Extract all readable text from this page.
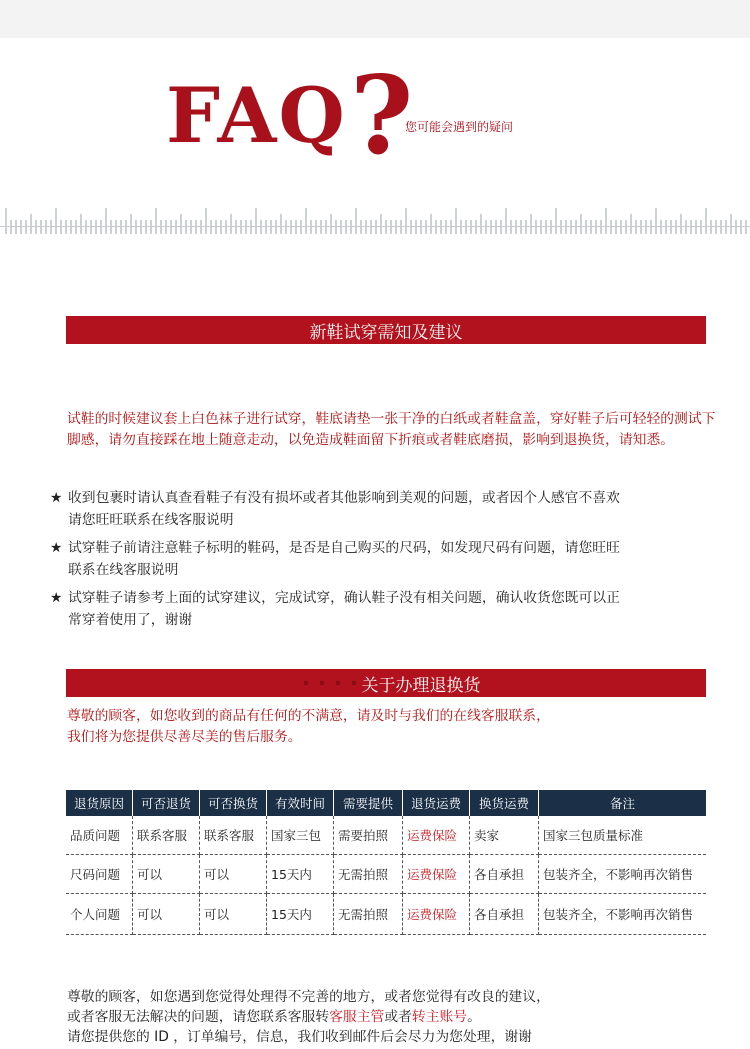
FAQ ?
您可能会遇到的疑问
新鞋试穿需知及建议
试鞋的时候建议套上白色袜子进行试穿，鞋底请垫一张干净的白纸或者鞋盒盖，穿好鞋子后可轻轻的测试下脚感，请勿直接踩在地上随意走动，以免造成鞋面留下折痕或者鞋底磨损，影响到退换货，请知悉。
★ 收到包裹时请认真查看鞋子有没有损坏或者其他影响到美观的问题，或者因个人感官不喜欢
请您旺旺联系在线客服说明
★ 试穿鞋子前请注意鞋子标明的鞋码，是否是自己购买的尺码，如发现尺码有问题，请您旺旺
联系在线客服说明
★ 试穿鞋子请参考上面的试穿建议，完成试穿，确认鞋子没有相关问题，确认收货您既可以正
常穿着使用了，谢谢
关于办理退换货
尊敬的顾客，如您收到的商品有任何的不满意，请及时与我们的在线客服联系，
我们将为您提供尽善尽美的售后服务。
退货原因	可否退货	可否换货	有效时间	需要提供	退货运费	换货运费	备注
品质问题	联系客服	联系客服	国家三包	需要拍照	运费保险	卖家	国家三包质量标准
尺码问题	可以	可以	15天内	无需拍照	运费保险	各自承担	包装齐全，不影响再次销售
个人问题	可以	可以	15天内	无需拍照	运费保险	各自承担	包装齐全，不影响再次销售
尊敬的顾客，如您遇到您觉得处理得不完善的地方，或者您觉得有改良的建议，
或者客服无法解决的问题，请您联系客服转客服主管或者转主账号。
请您提供您的 ID ，订单编号，信息，我们收到邮件后会尽力为您处理，谢谢
